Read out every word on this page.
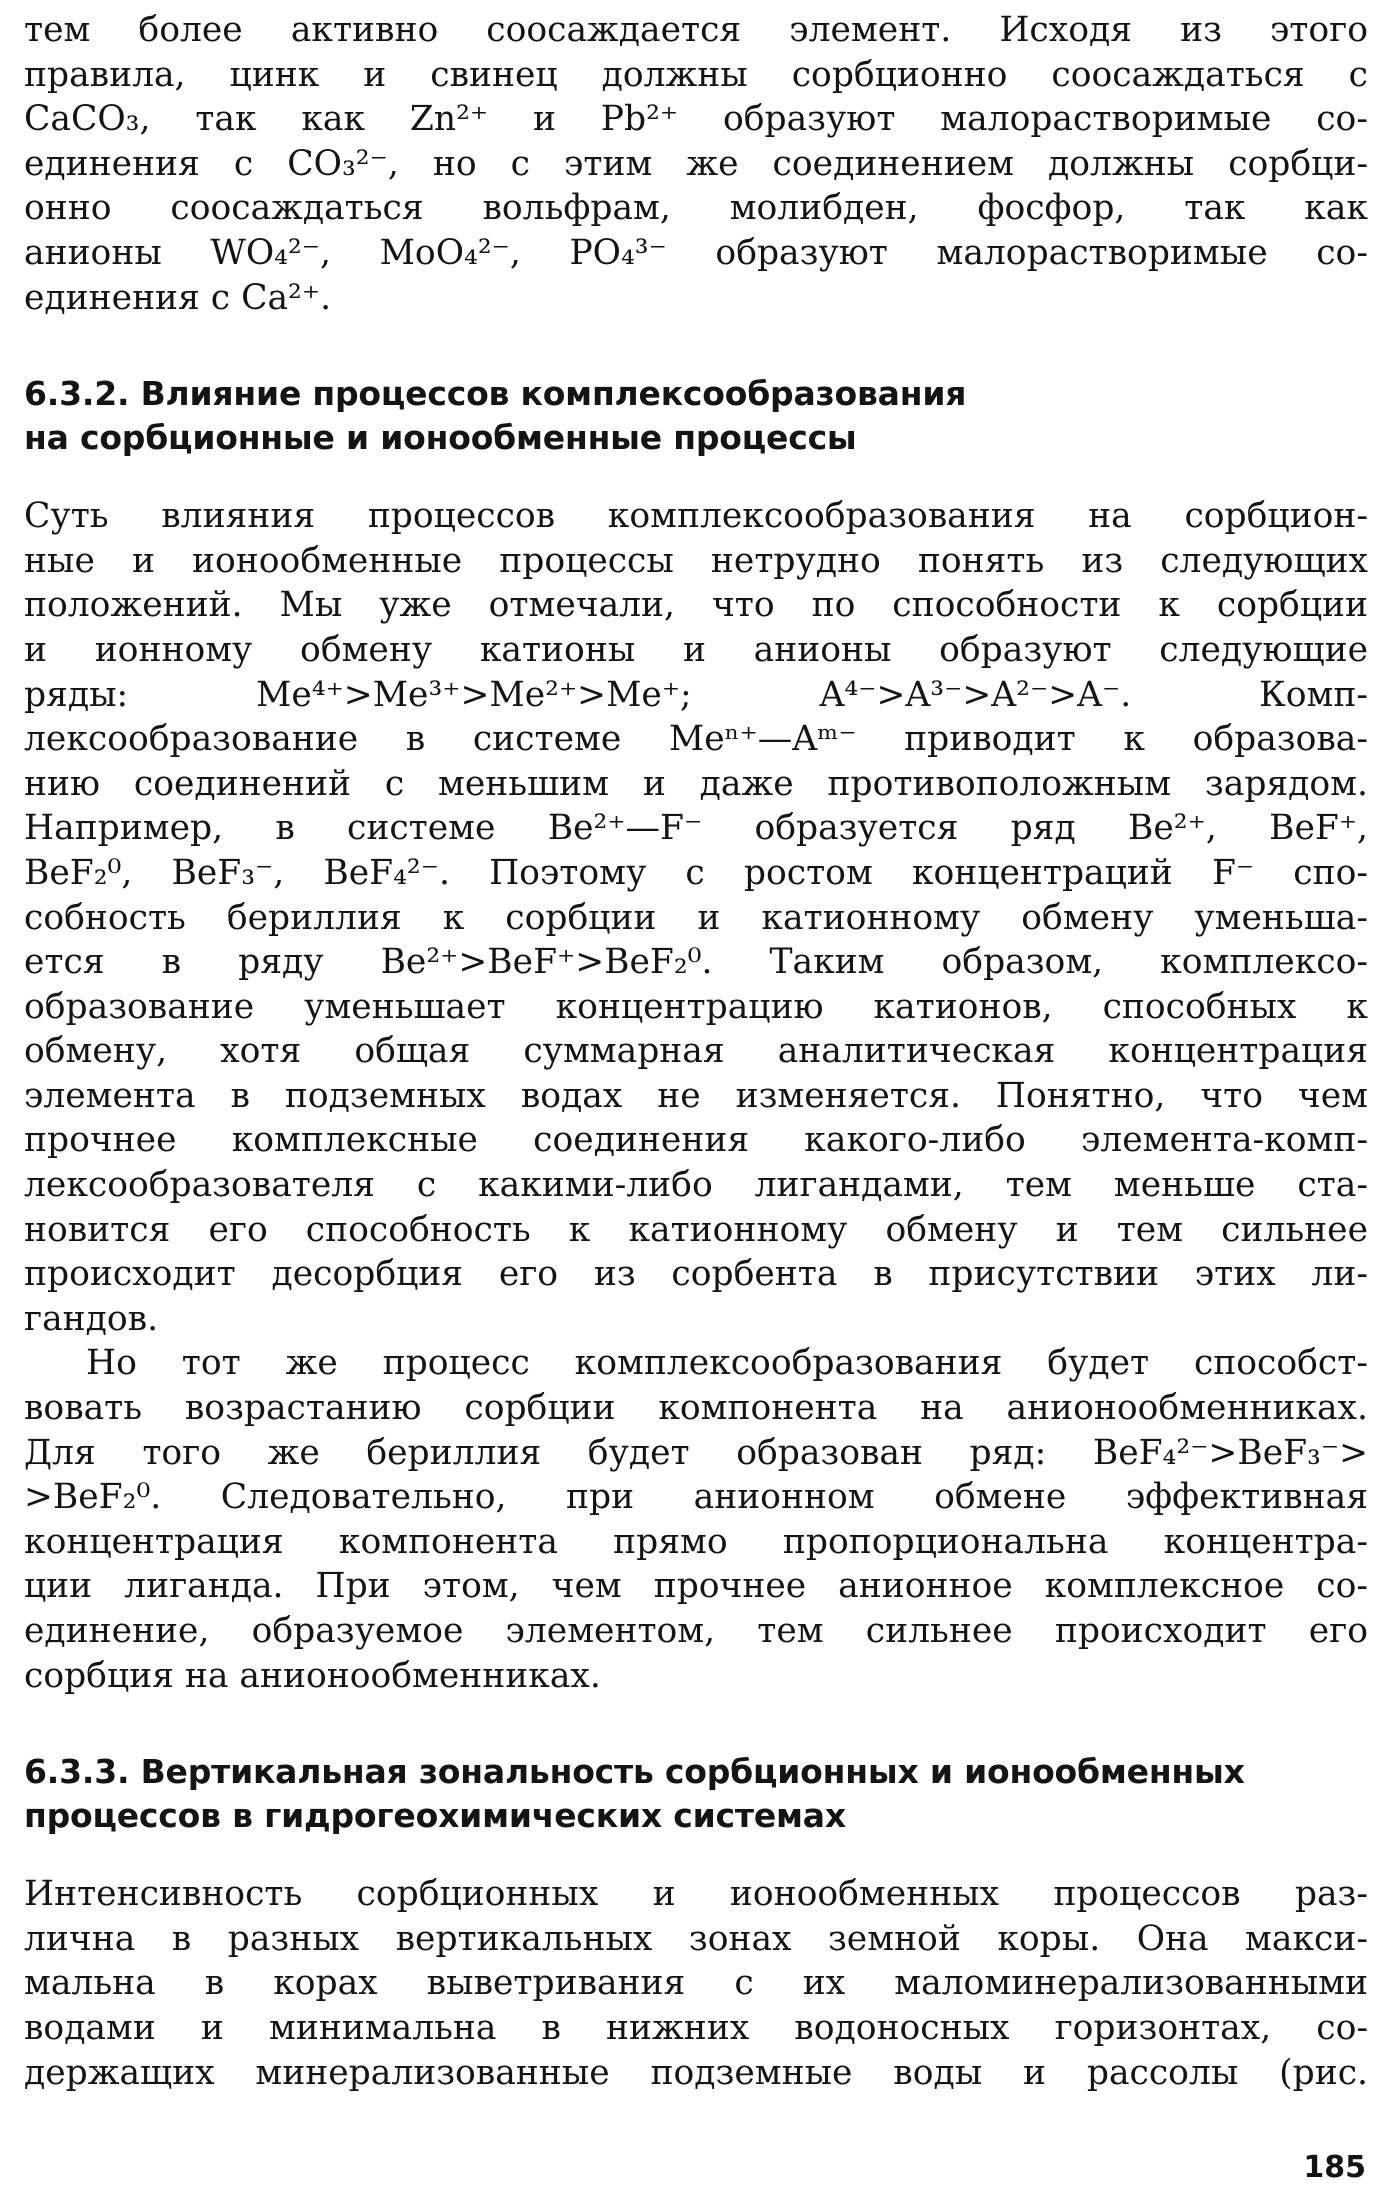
тем более активно соосаждается элемент. Исходя из этого
правила, цинк и свинец должны сорбционно соосаждаться с
CaCO₃, так как Zn²⁺ и Pb²⁺ образуют малорастворимые со-
единения с CO₃²⁻, но с этим же соединением должны сорбци-
онно соосаждаться вольфрам, молибден, фосфор, так как
анионы WO₄²⁻, MoO₄²⁻, PO₄³⁻ образуют малорастворимые со-

единения с Ca²⁺.

6.3.2. Влияние процессов комплексообразования
на сорбционные и ионообменные процессы

Суть влияния процессов комплексообразования на сорбцион-
ные и ионообменные процессы нетрудно понять из следующих
положений. Мы уже отмечали, что по способности к сорбции
и ионному обмену катионы и анионы образуют следующие
ряды: Me⁴⁺>Me³⁺>Me²⁺>Me⁺; A⁴⁻>A³⁻>A²⁻>A⁻. Комп-
лексообразование в системе Meⁿ⁺—Aᵐ⁻ приводит к образова-
нию соединений с меньшим и даже противоположным зарядом.
Например, в системе Be²⁺—F⁻ образуется ряд Be²⁺, BeF⁺,
BeF₂⁰, BeF₃⁻, BeF₄²⁻. Поэтому с ростом концентраций F⁻ спо-
собность бериллия к сорбции и катионному обмену уменьша-
ется в ряду Be²⁺>BeF⁺>BeF₂⁰. Таким образом, комплексо-
образование уменьшает концентрацию катионов, способных к
обмену, хотя общая суммарная аналитическая концентрация
элемента в подземных водах не изменяется. Понятно, что чем
прочнее комплексные соединения какого-либо элемента-комп-
лексообразователя с какими-либо лигандами, тем меньше ста-
новится его способность к катионному обмену и тем сильнее
происходит десорбция его из сорбента в присутствии этих ли-

гандов.

Но тот же процесс комплексообразования будет способст-
вовать возрастанию сорбции компонента на анионообменниках.
Для того же бериллия будет образован ряд: BeF₄²⁻>BeF₃⁻>
>BeF₂⁰. Следовательно, при анионном обмене эффективная
концентрация компонента прямо пропорциональна концентра-
ции лиганда. При этом, чем прочнее анионное комплексное со-
единение, образуемое элементом, тем сильнее происходит его

сорбция на анионообменниках.

6.3.3. Вертикальная зональность сорбционных и ионообменных
процессов в гидрогеохимических системах

Интенсивность сорбционных и ионообменных процессов раз-
лична в разных вертикальных зонах земной коры. Она макси-
мальна в корах выветривания с их маломинерализованными
водами и минимальна в нижних водоносных горизонтах, со-
держащих минерализованные подземные воды и рассолы (рис.

185
